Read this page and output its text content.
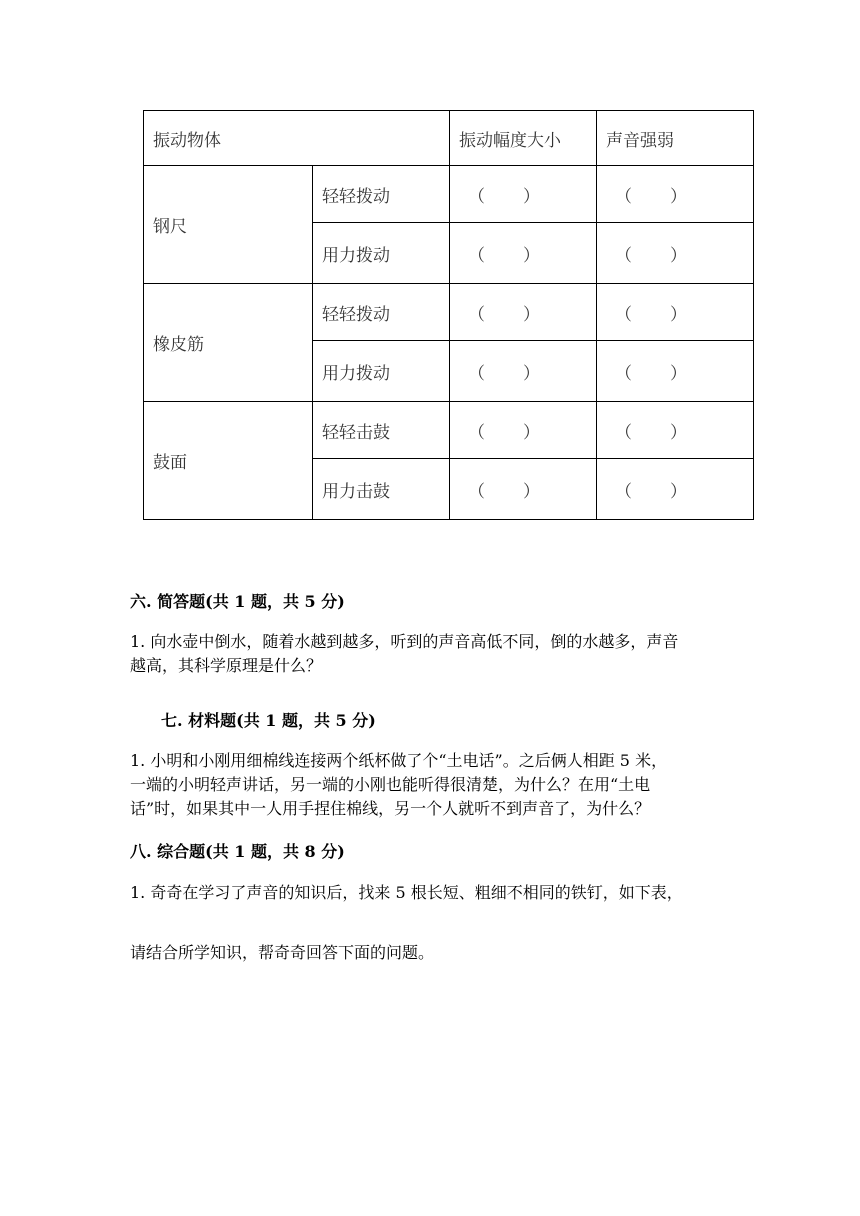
振动物体		振动幅度大小	声音强弱
钢尺	轻轻拨动	（ ）	（ ）

	用力拨动	（ ）	（ ）

橡皮筋	轻轻拨动	（ ）	（ ）

	用力拨动	（ ）	（ ）

鼓面	轻轻击鼓	（ ）	（ ）

	用力击鼓	（ ）	（ ）
六. 简答题(共 1 题，共 5 分)
1. 向水壶中倒水，随着水越到越多，听到的声音高低不同，倒的水越多，声音
越高，其科学原理是什么？
七. 材料题(共 1 题，共 5 分)
1. 小明和小刚用细棉线连接两个纸杯做了个“土电话”。之后俩人相距 5 米，
一端的小明轻声讲话，另一端的小刚也能听得很清楚，为什么？在用“土电
话”时，如果其中一人用手捏住棉线，另一个人就听不到声音了，为什么？
八. 综合题(共 1 题，共 8 分)
1. 奇奇在学习了声音的知识后，找来 5 根长短、粗细不相同的铁钉，如下表，
请结合所学知识，帮奇奇回答下面的问题。
